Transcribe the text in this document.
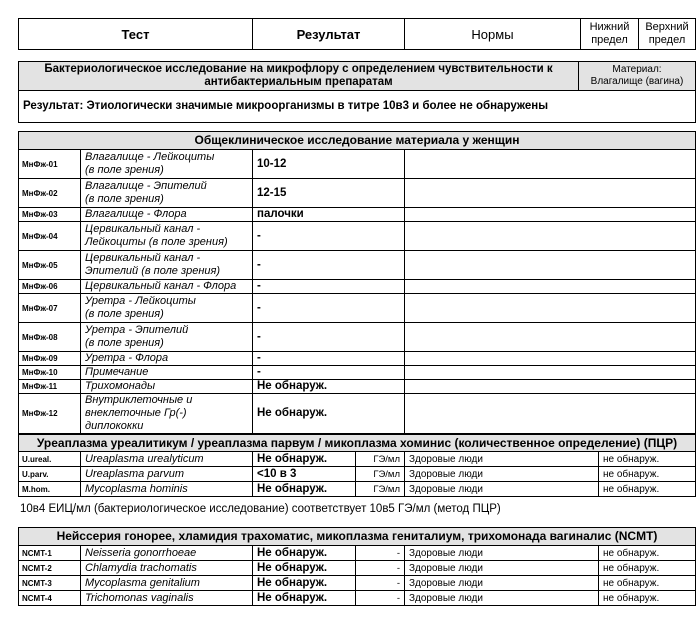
Тест	Результат	Нормы	Нижний предел	Верхний предел
Бактериологическое исследование на микрофлору с определением чувствительности к антибактериальным препаратам	
Материал:
Влагалище (вагина)

Результат: Этиологически значимые микроорганизмы в титре 10в3 и более не обнаружены
Общеклиническое исследование материала у женщин			
МнФж-01	Влагалище - Лейкоциты
(в поле зрения)	10-12	
МнФж-02	Влагалище - Эпителий
(в поле зрения)	12-15	
МнФж-03	Влагалище - Флора	палочки	
МнФж-04	Цервикальный канал -
Лейкоциты (в поле зрения)	-	
МнФж-05	Цервикальный канал -
Эпителий (в поле зрения)	-	
МнФж-06	Цервикальный канал - Флора	-	
МнФж-07	Уретра - Лейкоциты
(в поле зрения)	-	
МнФж-08	Уретра - Эпителий
(в поле зрения)	-	
МнФж-09	Уретра - Флора	-	
МнФж-10	Примечание	-	
МнФж-11	Трихомонады	Не обнаруж.	
МнФж-12	Внутриклеточные и
внеклеточные Гр(-) диплококки	Не обнаруж.	
Уреаплазма уреалитикум / уреаплазма парвум / микоплазма хоминис (количественное определение) (ПЦР)					
U.ureal.	Ureaplasma urealyticum	Не обнаруж.	ГЭ/мл	Здоровые люди	не обнаруж.
U.parv.	Ureaplasma parvum	<10 в 3	ГЭ/мл	Здоровые люди	не обнаруж.
M.hom.	Mycoplasma hominis	Не обнаруж.	ГЭ/мл	Здоровые люди	не обнаруж.
10в4 ЕИЦ/мл (бактериологическое исследование) соответствует 10в5 ГЭ/мл (метод ПЦР)
Нейссерия гонорее, хламидия трахоматис, микоплазма гениталиум, трихомонада вагиналис (NCMT)					
NCMT-1	Neisseria gonorrhoeae	Не обнаруж.	-	Здоровые люди	не обнаруж.
NCMT-2	Chlamydia trachomatis	Не обнаруж.	-	Здоровые люди	не обнаруж.
NCMT-3	Mycoplasma genitalium	Не обнаруж.	-	Здоровые люди	не обнаруж.
NCMT-4	Trichomonas vaginalis	Не обнаруж.	-	Здоровые люди	не обнаруж.
